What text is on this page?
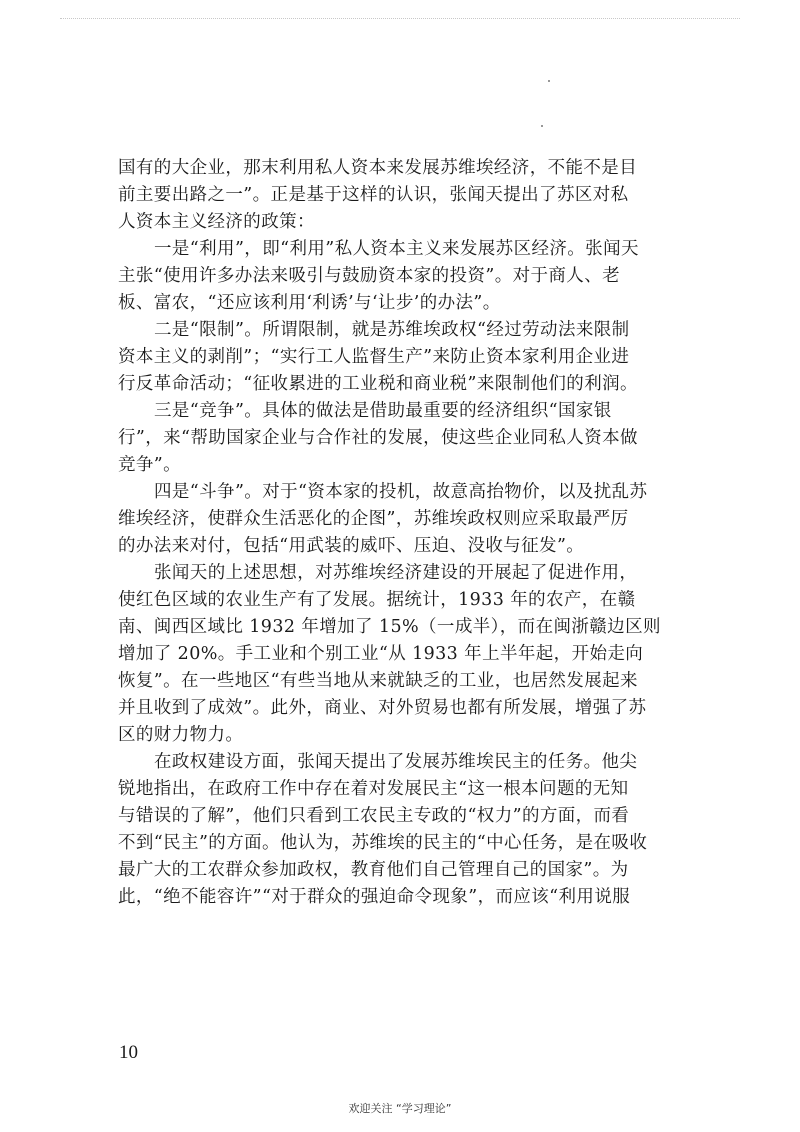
国有的大企业，那末利用私人资本来发展苏维埃经济，不能不是目
前主要出路之一”。正是基于这样的认识，张闻天提出了苏区对私
人资本主义经济的政策：
一是“利用”，即“利用”私人资本主义来发展苏区经济。张闻天
主张“使用许多办法来吸引与鼓励资本家的投资”。对于商人、老
板、富农，“还应该利用‘利诱’与‘让步’的办法”。
二是“限制”。所谓限制，就是苏维埃政权“经过劳动法来限制
资本主义的剥削”；“实行工人监督生产”来防止资本家利用企业进
行反革命活动；“征收累进的工业税和商业税”来限制他们的利润。
三是“竞争”。具体的做法是借助最重要的经济组织“国家银
行”，来“帮助国家企业与合作社的发展，使这些企业同私人资本做
竞争”。
四是“斗争”。对于“资本家的投机，故意高抬物价，以及扰乱苏
维埃经济，使群众生活恶化的企图”，苏维埃政权则应采取最严厉
的办法来对付，包括“用武装的威吓、压迫、没收与征发”。
张闻天的上述思想，对苏维埃经济建设的开展起了促进作用，
使红色区域的农业生产有了发展。据统计，1933 年的农产，在赣
南、闽西区域比 1932 年增加了 15%（一成半），而在闽浙赣边区则
增加了 20%。手工业和个别工业“从 1933 年上半年起，开始走向
恢复”。在一些地区“有些当地从来就缺乏的工业，也居然发展起来
并且收到了成效”。此外，商业、对外贸易也都有所发展，增强了苏
区的财力物力。
在政权建设方面，张闻天提出了发展苏维埃民主的任务。他尖
锐地指出，在政府工作中存在着对发展民主“这一根本问题的无知
与错误的了解”，他们只看到工农民主专政的“权力”的方面，而看
不到“民主”的方面。他认为，苏维埃的民主的“中心任务，是在吸收
最广大的工农群众参加政权，教育他们自己管理自己的国家”。为
此，“绝不能容许”“对于群众的强迫命令现象”，而应该“利用说服
10
欢迎关注 “学习理论”
